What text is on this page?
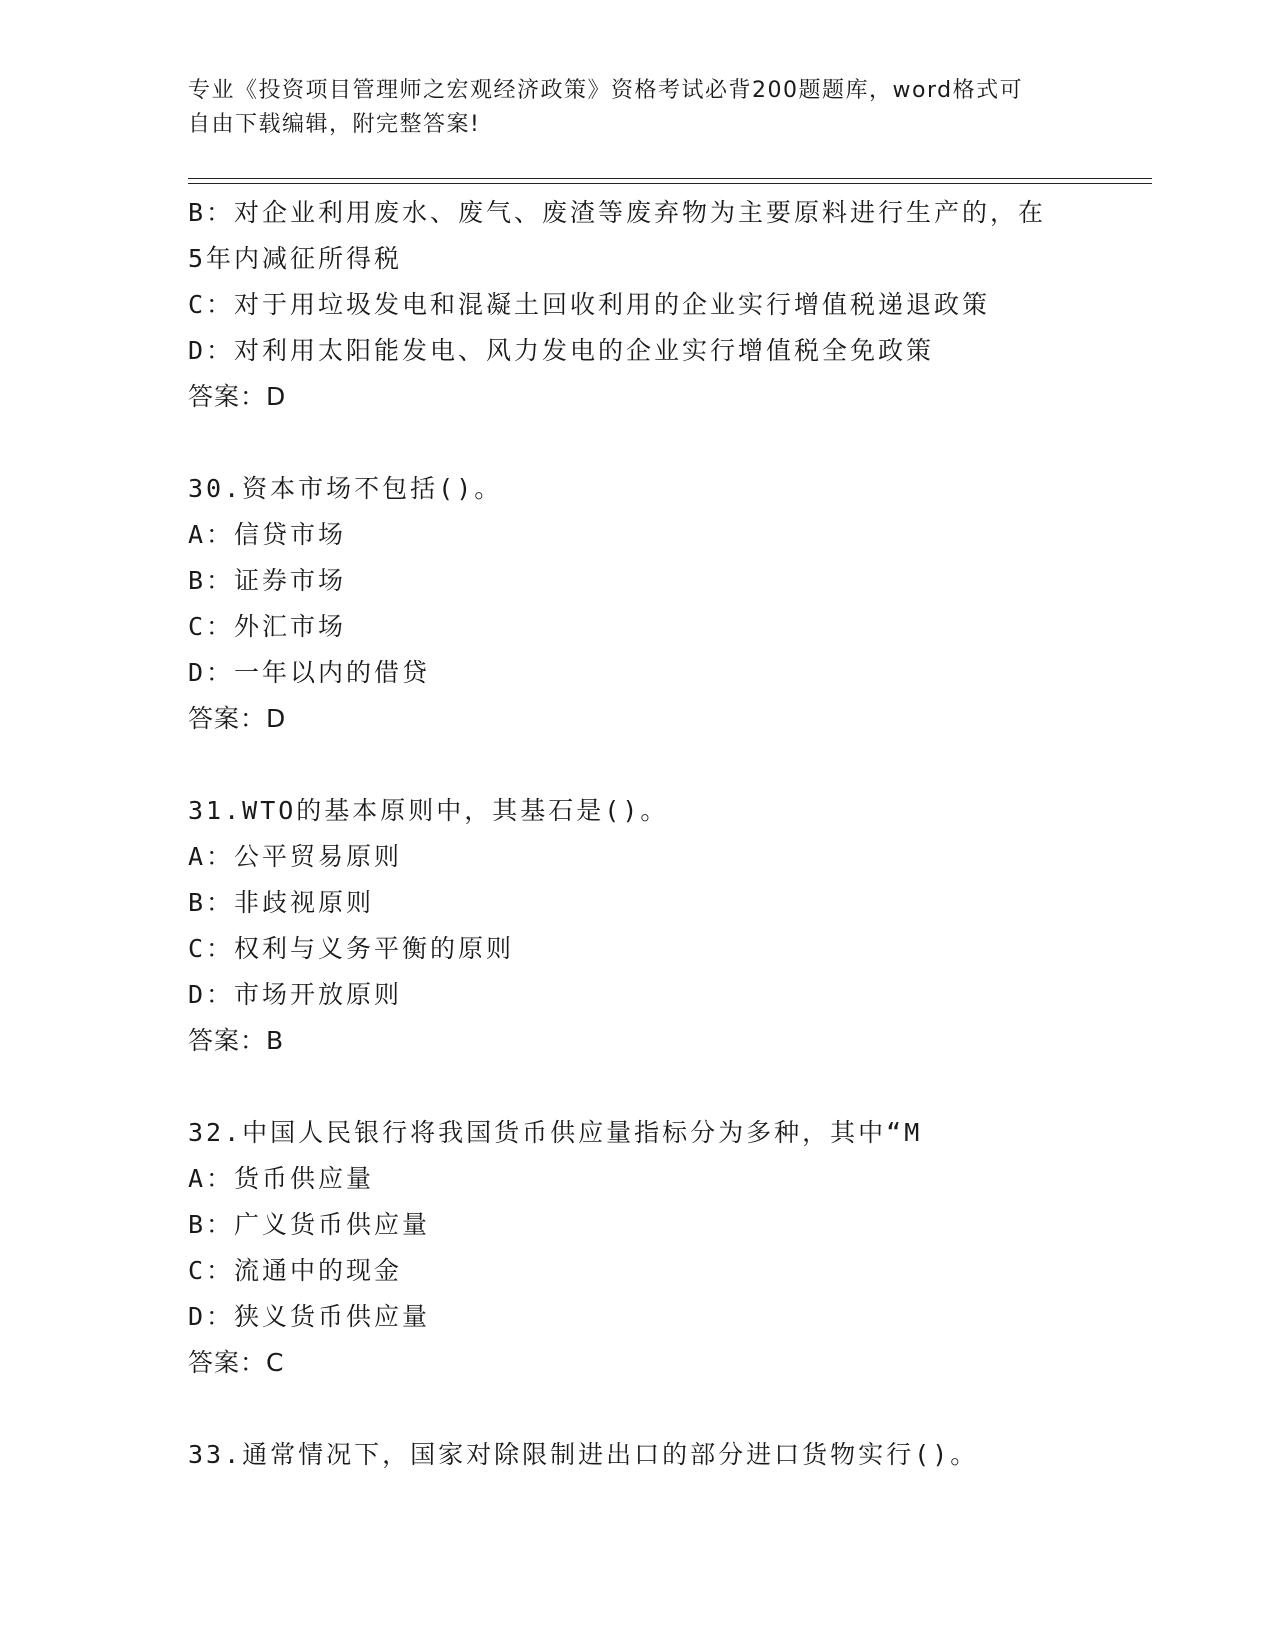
专业《投资项目管理师之宏观经济政策》资格考试必背200题题库，word格式可
自由下载编辑，附完整答案!
B：对企业利用废水、废气、废渣等废弃物为主要原料进行生产的，在
5年内减征所得税
C：对于用垃圾发电和混凝土回收利用的企业实行增值税递退政策
D：对利用太阳能发电、风力发电的企业实行增值税全免政策
答案：D
30.资本市场不包括()。
A：信贷市场
B：证券市场
C：外汇市场
D：一年以内的借贷
答案：D
31.WTO的基本原则中，其基石是()。
A：公平贸易原则
B：非歧视原则
C：权利与义务平衡的原则
D：市场开放原则
答案：B
32.中国人民银行将我国货币供应量指标分为多种，其中“M
A：货币供应量
B：广义货币供应量
C：流通中的现金
D：狭义货币供应量
答案：C
33.通常情况下，国家对除限制进出口的部分进口货物实行()。
